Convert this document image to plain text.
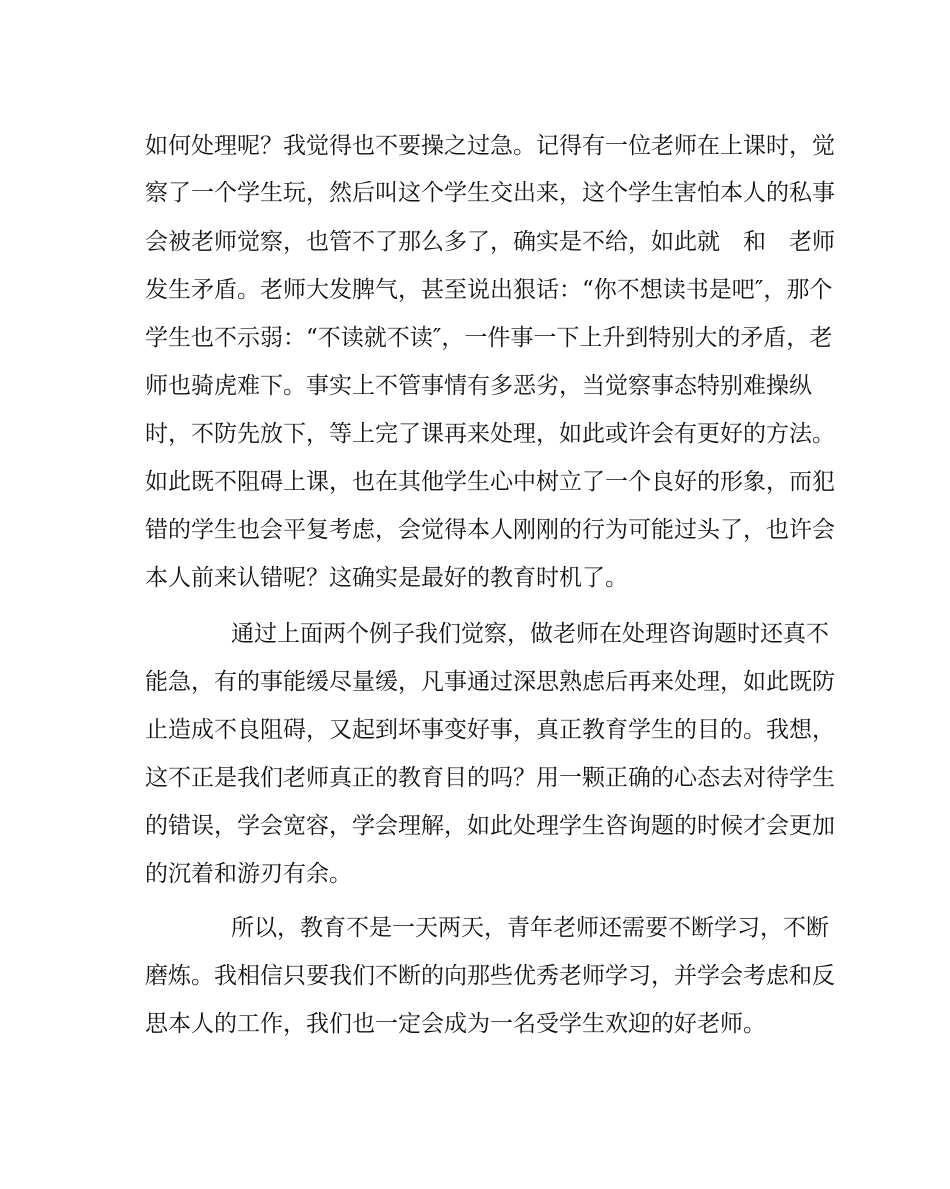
如何处理呢？我觉得也不要操之过急。记得有一位老师在上课时，觉
察了一个学生玩，然后叫这个学生交出来，这个学生害怕本人的私事
会被老师觉察，也管不了那么多了，确实是不给，如此就　和　老师
发生矛盾。老师大发脾气，甚至说出狠话：“你不想读书是吧″，那个
学生也不示弱：“不读就不读″，一件事一下上升到特别大的矛盾，老
师也骑虎难下。事实上不管事情有多恶劣，当觉察事态特别难操纵
时，不防先放下，等上完了课再来处理，如此或许会有更好的方法。
如此既不阻碍上课，也在其他学生心中树立了一个良好的形象，而犯
错的学生也会平复考虑，会觉得本人刚刚的行为可能过头了，也许会
本人前来认错呢？这确实是最好的教育时机了。
通过上面两个例子我们觉察，做老师在处理咨询题时还真不
能急，有的事能缓尽量缓，凡事通过深思熟虑后再来处理，如此既防
止造成不良阻碍，又起到坏事变好事，真正教育学生的目的。我想，
这不正是我们老师真正的教育目的吗？用一颗正确的心态去对待学生
的错误，学会宽容，学会理解，如此处理学生咨询题的时候才会更加
的沉着和游刃有余。
所以，教育不是一天两天，青年老师还需要不断学习，不断
磨炼。我相信只要我们不断的向那些优秀老师学习，并学会考虑和反
思本人的工作，我们也一定会成为一名受学生欢迎的好老师。
